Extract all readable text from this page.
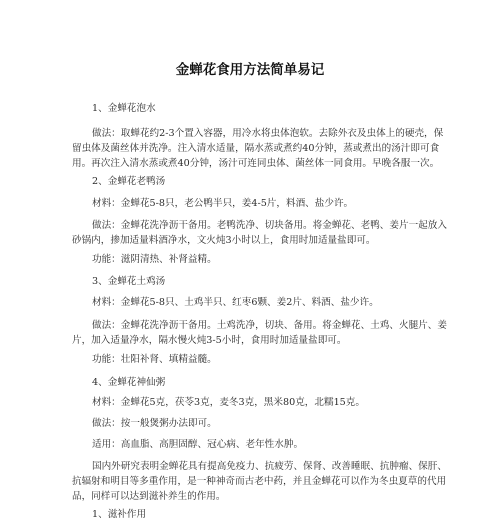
金蝉花食用方法简单易记

1、金蝉花泡水

做法：取蝉花约2-3个置入容器，用冷水将虫体泡软。去除外衣及虫体上的硬壳，保

留虫体及菌丝体并洗净。注入清水适量，隔水蒸或煮约40分钟，蒸或煮出的汤汁即可食

用。再次注入清水蒸或煮40分钟，汤汁可连同虫体、菌丝体一同食用。早晚各服一次。

2、金蝉花老鸭汤

材料：金蝉花5-8只，老公鸭半只，姜4-5片，料酒、盐少许。

做法：金蝉花洗净沥干备用。老鸭洗净、切块备用。将金蝉花、老鸭、姜片一起放入

砂锅内，掺加适量料酒净水，文火炖3小时以上，食用时加适量盐即可。

功能：滋阴清热、补肾益精。

3、金蝉花土鸡汤

材料：金蝉花5-8只、土鸡半只、红枣6颗、姜2片、料酒、盐少许。

做法：金蝉花洗净沥干备用。土鸡洗净，切块、备用。将金蝉花、土鸡、火腿片、姜

片，加入适量净水，隔水慢火炖3-5小时，食用时加适量盐即可。

功能：壮阳补肾、填精益髓。

4、金蝉花神仙粥

材料：金蝉花5克，茯苓3克，麦冬3克，黑米80克，北糯15克。

做法：按一般煲粥办法即可。

适用：高血脂、高胆固醇、冠心病、老年性水肿。

国内外研究表明金蝉花具有提高免疫力、抗疲劳、保肾、改善睡眠、抗肿瘤、保肝、

抗辐射和明目等多重作用，是一种神奇而古老中药，并且金蝉花可以作为冬虫夏草的代用

品，同样可以达到滋补养生的作用。

1、滋补作用
